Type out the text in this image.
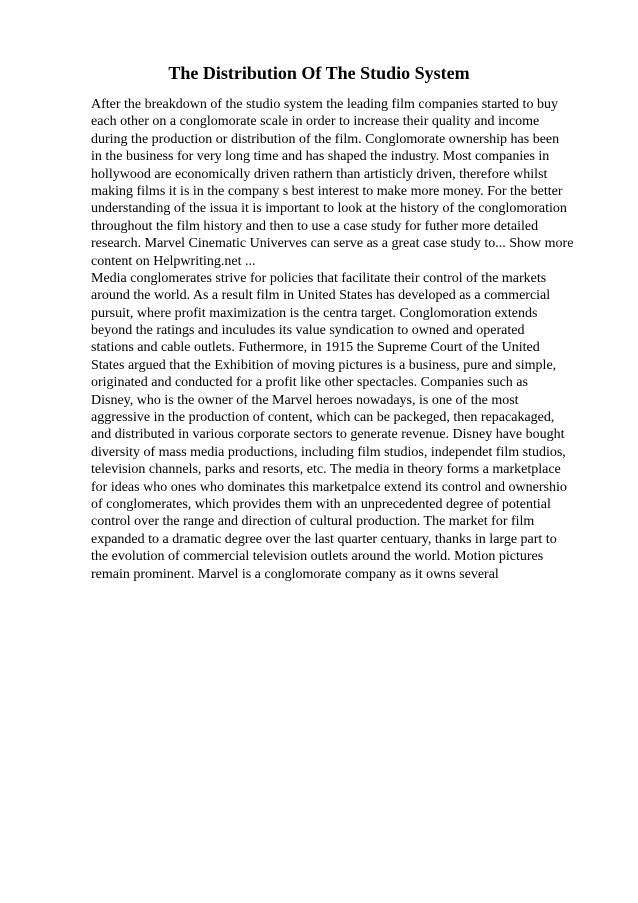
The Distribution Of The Studio System
After the breakdown of the studio system the leading film companies started to buy
each other on a conglomorate scale in order to increase their quality and income
during the production or distribution of the film. Conglomorate ownership has been
in the business for very long time and has shaped the industry. Most companies in
hollywood are economically driven rathern than artisticly driven, therefore whilst
making films it is in the company s best interest to make more money. For the better
understanding of the issua it is important to look at the history of the conglomoration
throughout the film history and then to use a case study for futher more detailed
research. Marvel Cinematic Univerves can serve as a great case study to... Show more
content on Helpwriting.net ...
Media conglomerates strive for policies that facilitate their control of the markets
around the world. As a result film in United States has developed as a commercial
pursuit, where profit maximization is the centra target. Conglomoration extends
beyond the ratings and inculudes its value syndication to owned and operated
stations and cable outlets. Futhermore, in 1915 the Supreme Court of the United
States argued that the Exhibition of moving pictures is a business, pure and simple,
originated and conducted for a profit like other spectacles. Companies such as
Disney, who is the owner of the Marvel heroes nowadays, is one of the most
aggressive in the production of content, which can be packeged, then repacakaged,
and distributed in various corporate sectors to generate revenue. Disney have bought
diversity of mass media productions, including film studios, independet film studios,
television channels, parks and resorts, etc. The media in theory forms a marketplace
for ideas who ones who dominates this marketpalce extend its control and ownershio
of conglomerates, which provides them with an unprecedented degree of potential
control over the range and direction of cultural production. The market for film
expanded to a dramatic degree over the last quarter centuary, thanks in large part to
the evolution of commercial television outlets around the world. Motion pictures
remain prominent. Marvel is a conglomorate company as it owns several
